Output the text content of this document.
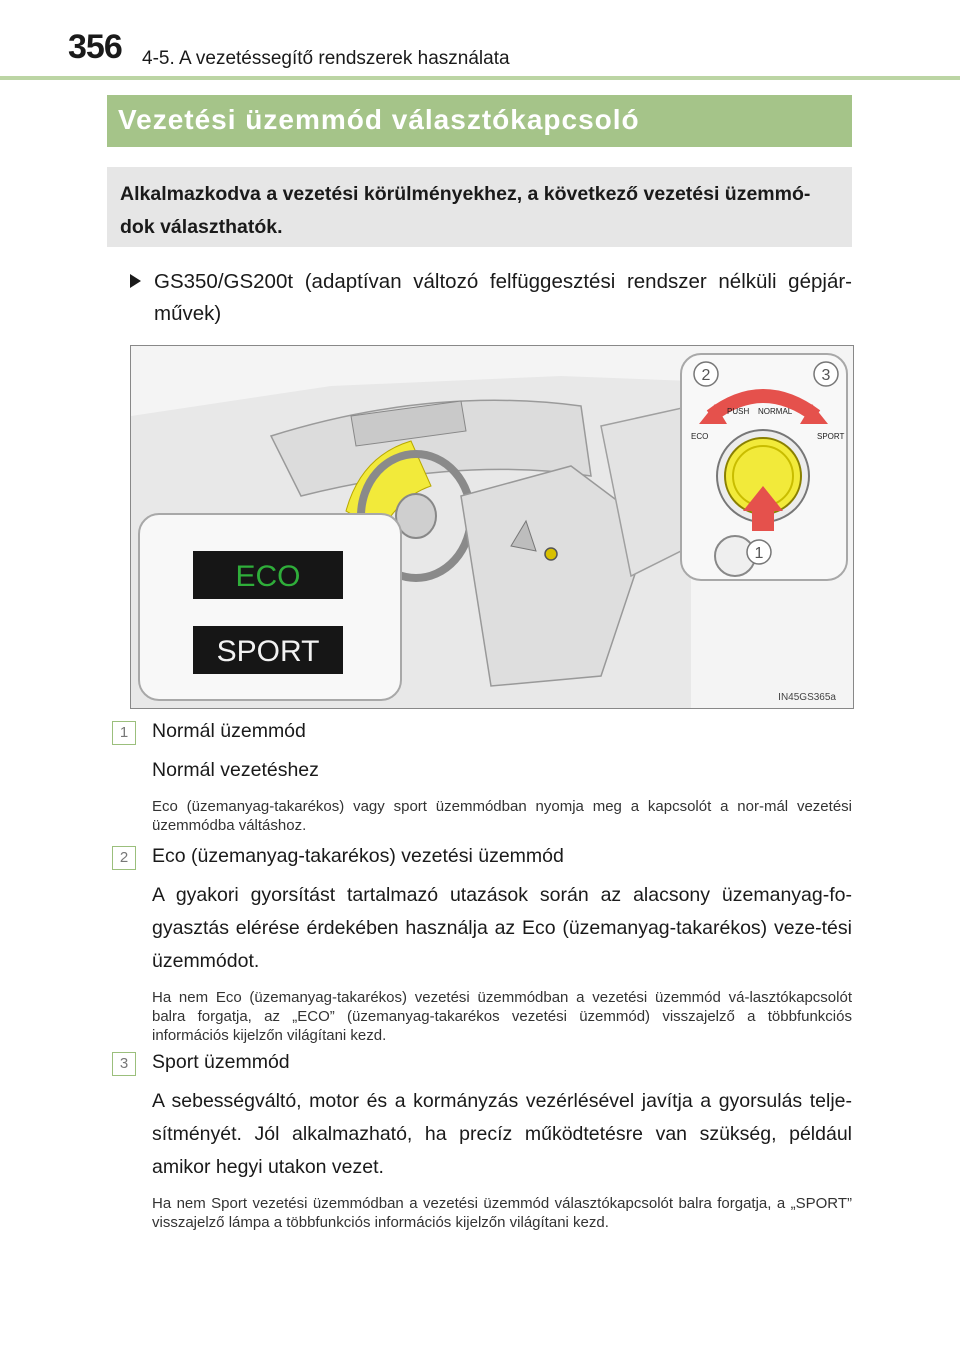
356 4-5. A vezetéssegítő rendszerek használata
Vezetési üzemmód választókapcsoló
Alkalmazkodva a vezetési körülményekhez, a következő vezetési üzemmó-dok választhatók.
GS350/GS200t (adaptívan változó felfüggesztési rendszer nélküli gépjár-művek)
ECO
SPORT
PUSH NORMAL
ECO	SPORT
1
2	3
IN45GS365a
1	Normál üzemmód
Normál vezetéshez
Eco (üzemanyag-takarékos) vagy sport üzemmódban nyomja meg a kapcsolót a nor-mál vezetési üzemmódba váltáshoz.
2	Eco (üzemanyag-takarékos) vezetési üzemmód
A gyakori gyorsítást tartalmazó utazások során az alacsony üzemanyag-fo-gyasztás elérése érdekében használja az Eco (üzemanyag-takarékos) veze-tési üzemmódot.
Ha nem Eco (üzemanyag-takarékos) vezetési üzemmódban a vezetési üzemmód vá-lasztókapcsolót balra forgatja, az „ECO” (üzemanyag-takarékos vezetési üzemmód) visszajelző a többfunkciós információs kijelzőn világítani kezd.
3	Sport üzemmód
A sebességváltó, motor és a kormányzás vezérlésével javítja a gyorsulás telje-sítményét. Jól alkalmazható, ha precíz működtetésre van szükség, például amikor hegyi utakon vezet.
Ha nem Sport vezetési üzemmódban a vezetési üzemmód választókapcsolót balra forgatja, a „SPORT” visszajelző lámpa a többfunkciós információs kijelzőn világítani kezd.
